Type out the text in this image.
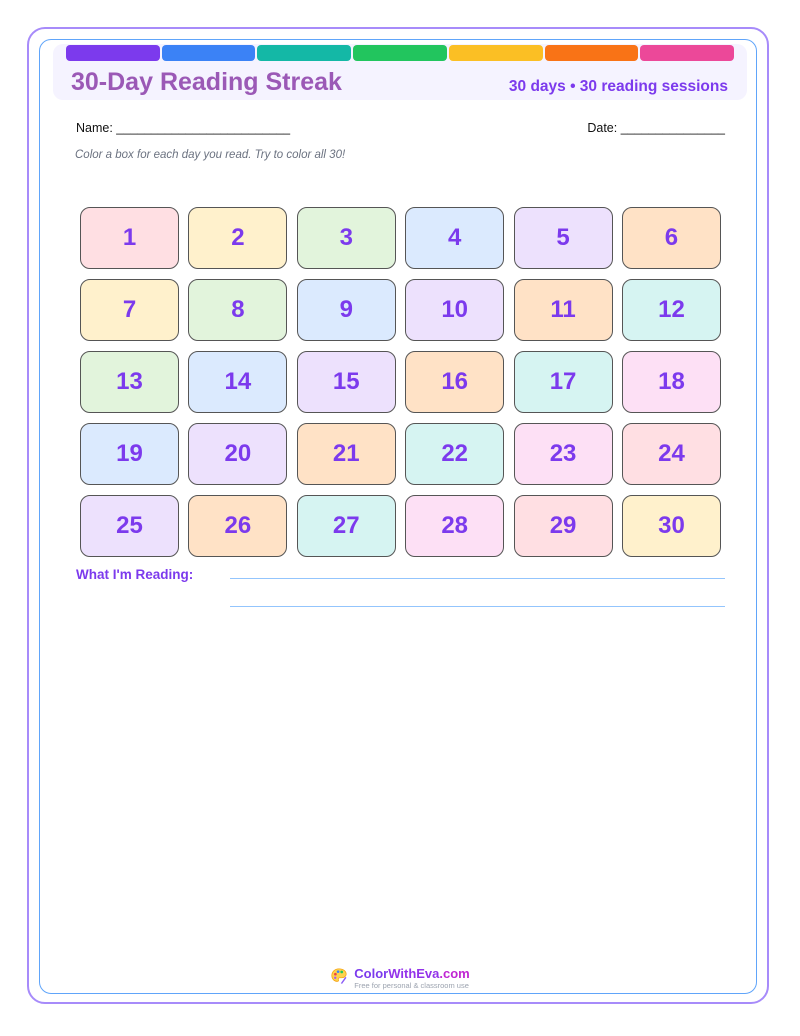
30-Day Reading Streak	30 days • 30 reading sessions
Name: _________________________	Date: _______________
Color a box for each day you read. Try to color all 30!
1	2	3	4	5	6
7	8	9	10	11	12
13	14	15	16	17	18
19	20	21	22	23	24
25	26	27	28	29	30
What I'm Reading:
ColorWithEva.com
Free for personal & classroom use
